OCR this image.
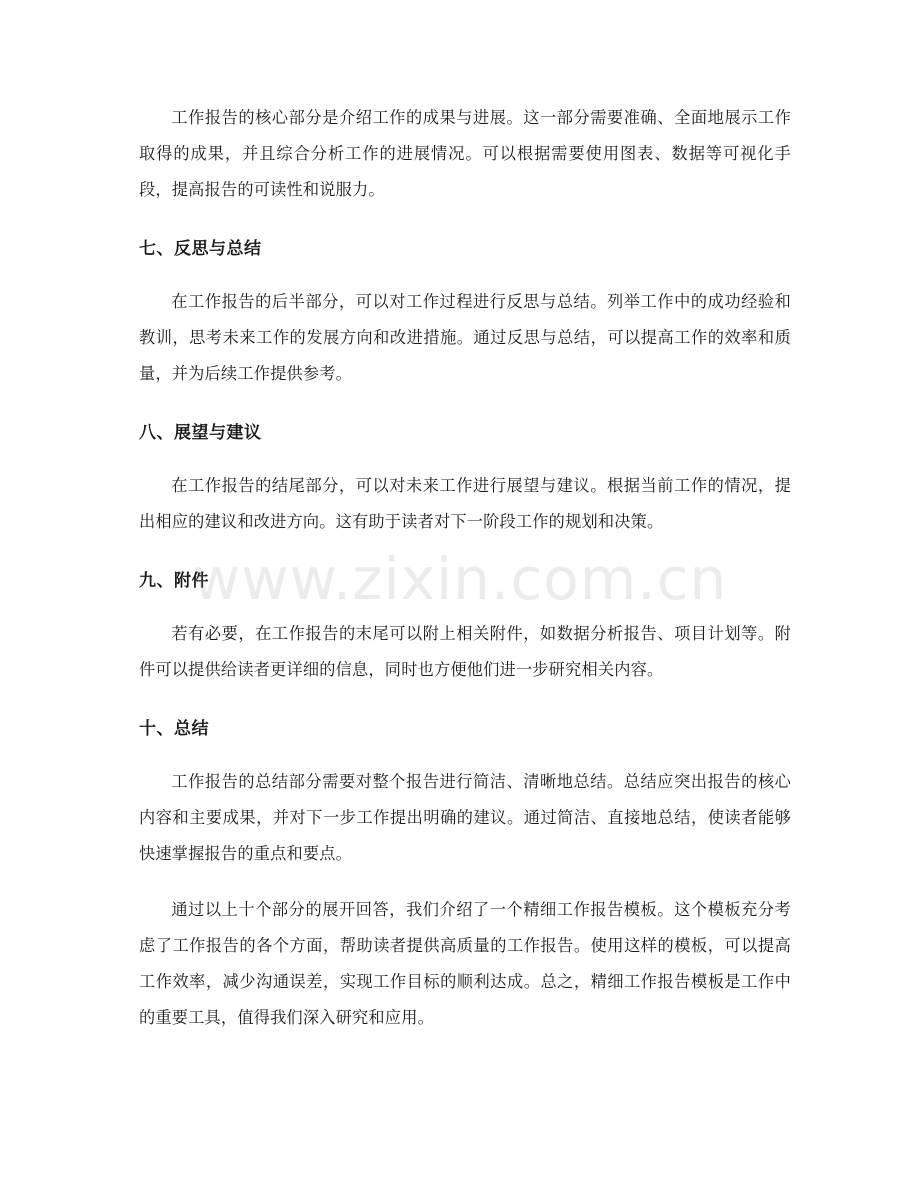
工作报告的核心部分是介绍工作的成果与进展。这一部分需要准确、全面地展示工作取得的成果，并且综合分析工作的进展情况。可以根据需要使用图表、数据等可视化手段，提高报告的可读性和说服力。

七、反思与总结

在工作报告的后半部分，可以对工作过程进行反思与总结。列举工作中的成功经验和教训，思考未来工作的发展方向和改进措施。通过反思与总结，可以提高工作的效率和质量，并为后续工作提供参考。

八、展望与建议

在工作报告的结尾部分，可以对未来工作进行展望与建议。根据当前工作的情况，提出相应的建议和改进方向。这有助于读者对下一阶段工作的规划和决策。

九、附件

若有必要，在工作报告的末尾可以附上相关附件，如数据分析报告、项目计划等。附件可以提供给读者更详细的信息，同时也方便他们进一步研究相关内容。

十、总结

工作报告的总结部分需要对整个报告进行简洁、清晰地总结。总结应突出报告的核心内容和主要成果，并对下一步工作提出明确的建议。通过简洁、直接地总结，使读者能够快速掌握报告的重点和要点。

通过以上十个部分的展开回答，我们介绍了一个精细工作报告模板。这个模板充分考虑了工作报告的各个方面，帮助读者提供高质量的工作报告。使用这样的模板，可以提高工作效率，减少沟通误差，实现工作目标的顺利达成。总之，精细工作报告模板是工作中的重要工具，值得我们深入研究和应用。

www.zixin.com.cn
